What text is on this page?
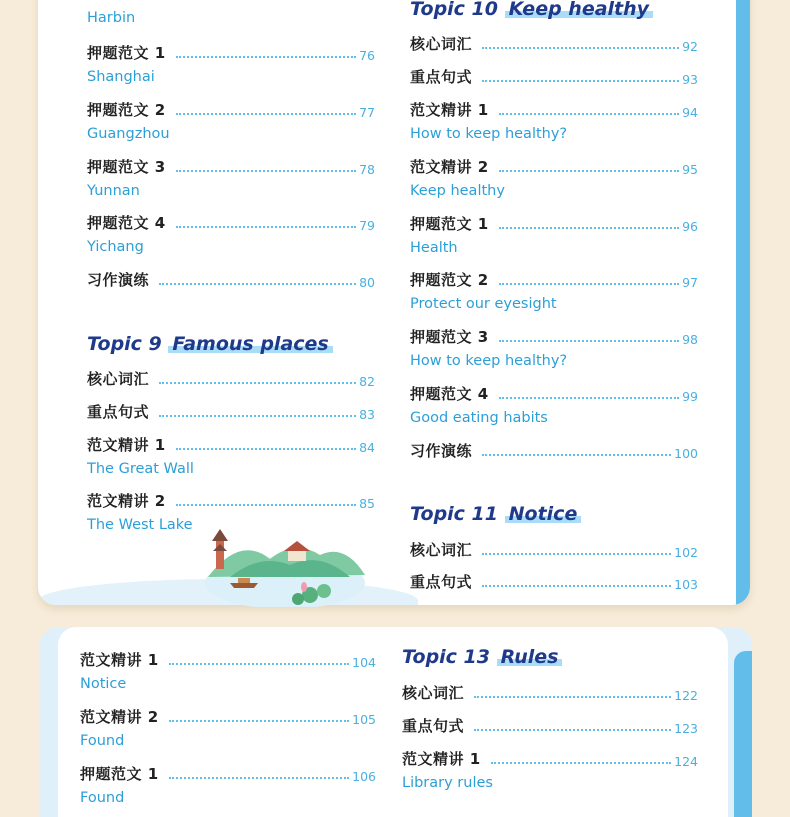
Harbin
押题范文 1	76
Shanghai
押题范文 2	77
Guangzhou
押题范文 3	78
Yunnan
押题范文 4	79
Yichang
习作演练	80
Topic 9 Famous places
核心词汇	82
重点句式	83
范文精讲 1	84
The Great Wall
范文精讲 2	85
The West Lake
Topic 10 Keep healthy
核心词汇	92
重点句式	93
范文精讲 1	94
How to keep healthy?
范文精讲 2	95
Keep healthy
押题范文 1	96
Health
押题范文 2	97
Protect our eyesight
押题范文 3	98
How to keep healthy?
押题范文 4	99
Good eating habits
习作演练	100
Topic 11 Notice
核心词汇	102
重点句式	103
范文精讲 1	104
Notice
范文精讲 2	105
Found
押题范文 1	106
Found
Topic 13 Rules
核心词汇	122
重点句式	123
范文精讲 1	124
Library rules
